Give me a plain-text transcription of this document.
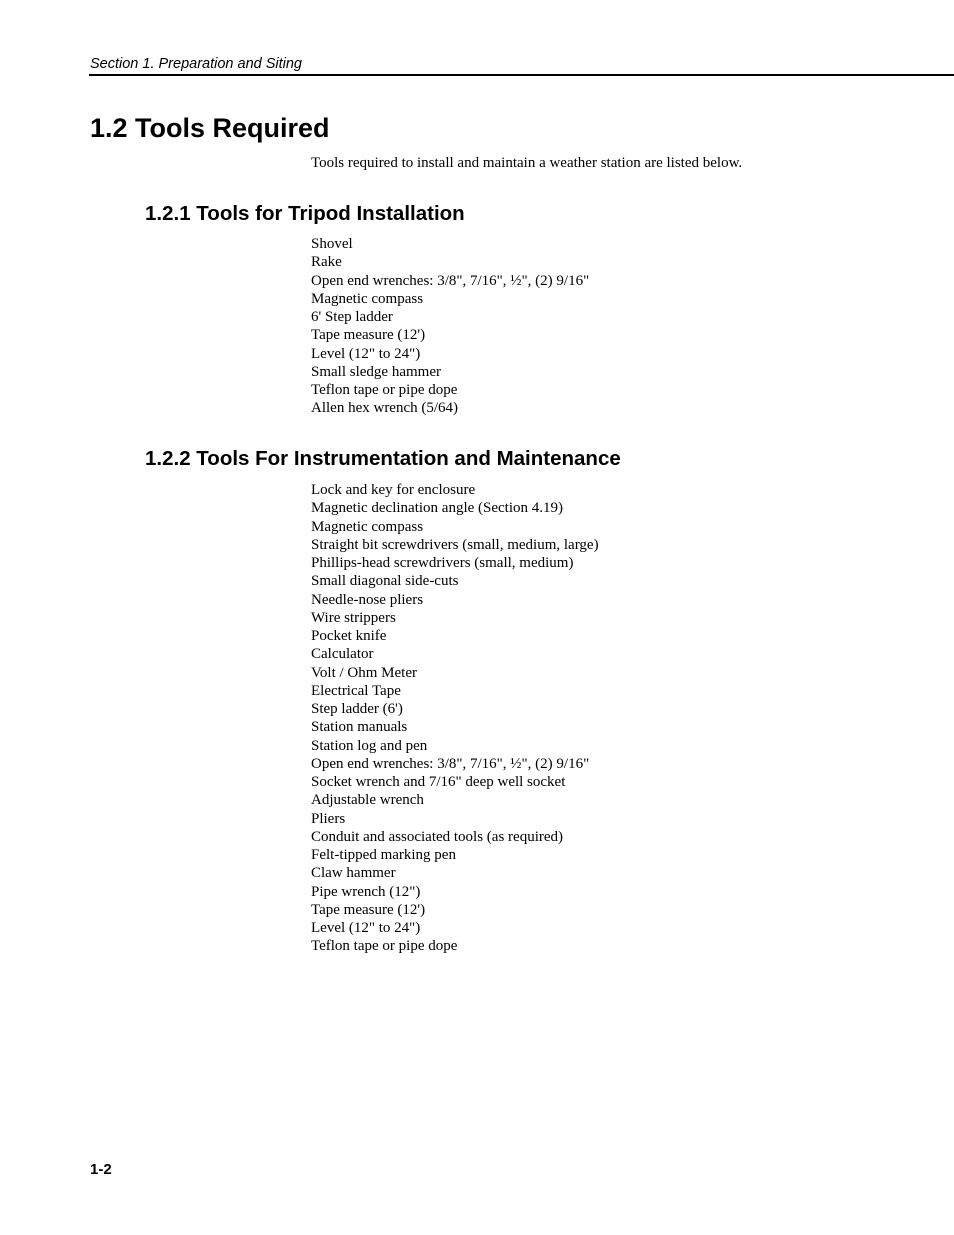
Section 1. Preparation and Siting
1.2 Tools Required

Tools required to install and maintain a weather station are listed below.

1.2.1 Tools for Tripod Installation
Shovel
Rake
Open end wrenches: 3/8", 7/16", ½", (2) 9/16"
Magnetic compass
6' Step ladder
Tape measure (12')
Level (12" to 24")
Small sledge hammer
Teflon tape or pipe dope
Allen hex wrench (5/64)
1.2.2 Tools For Instrumentation and Maintenance
Lock and key for enclosure
Magnetic declination angle (Section 4.19)
Magnetic compass
Straight bit screwdrivers (small, medium, large)
Phillips-head screwdrivers (small, medium)
Small diagonal side-cuts
Needle-nose pliers
Wire strippers
Pocket knife
Calculator
Volt / Ohm Meter
Electrical Tape
Step ladder (6')
Station manuals
Station log and pen
Open end wrenches: 3/8", 7/16", ½", (2) 9/16"
Socket wrench and 7/16" deep well socket
Adjustable wrench
Pliers
Conduit and associated tools (as required)
Felt-tipped marking pen
Claw hammer
Pipe wrench (12")
Tape measure (12')
Level (12" to 24")
Teflon tape or pipe dope
1-2
